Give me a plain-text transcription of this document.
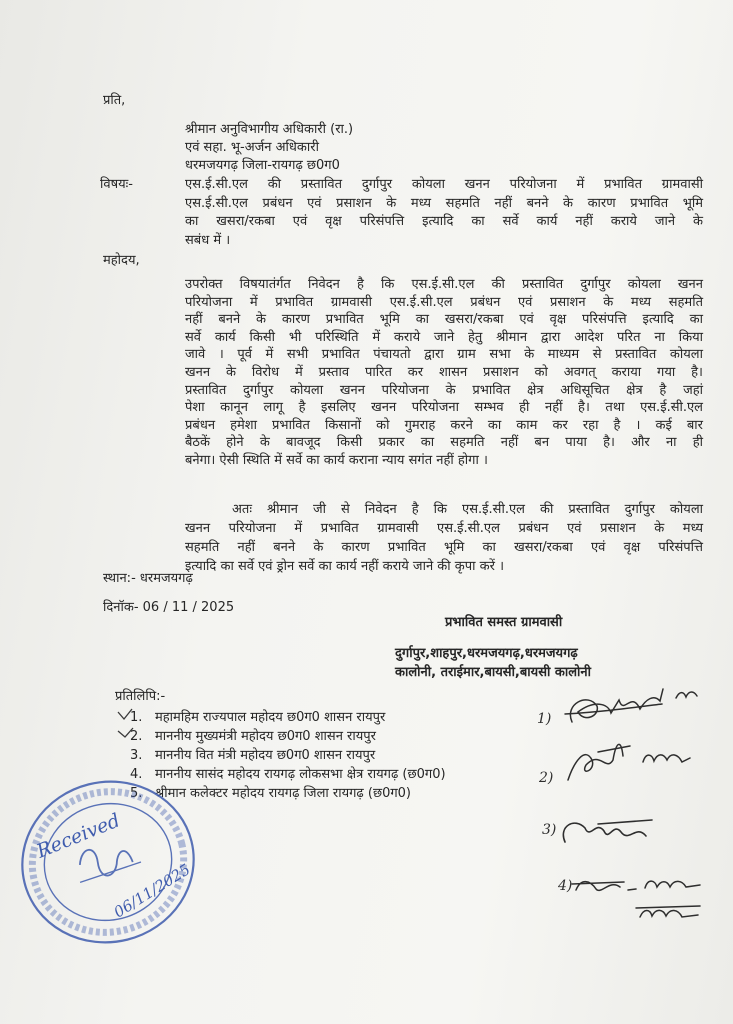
प्रति,
श्रीमान अनुविभागीय अधिकारी (रा.)
एवं सहा. भू-अर्जन अधिकारी
धरमजयगढ़ जिला-रायगढ़ छ0ग0
विषयः-	एस.ई.सी.एल की प्रस्तावित दुर्गापुर कोयला खनन परियोजना में प्रभावित ग्रामवासी
एस.ई.सी.एल प्रबंधन एवं प्रसाशन के मध्य सहमति नहीं बनने के कारण प्रभावित भूमि
का खसरा/रकबा एवं वृक्ष परिसंपत्ति इत्यादि का सर्वे कार्य नहीं कराये जाने के
सबंध में ।
महोदय,
उपरोक्त विषयातंर्गत निवेदन है कि एस.ई.सी.एल की प्रस्तावित दुर्गापुर कोयला खनन
परियोजना में प्रभावित ग्रामवासी एस.ई.सी.एल प्रबंधन एवं प्रसाशन के मध्य सहमति
नहीं बनने के कारण प्रभावित भूमि का खसरा/रकबा एवं वृक्ष परिसंपत्ति इत्यादि का
सर्वे कार्य किसी भी परिस्थिति में कराये जाने हेतु श्रीमान द्वारा आदेश परित ना किया
जावे । पूर्व में सभी प्रभावित पंचायतो द्वारा ग्राम सभा के माध्यम से प्रस्तावित कोयला
खनन के विरोध में प्रस्ताव पारित कर शासन प्रसाशन को अवगत् कराया गया है।
प्रस्तावित दुर्गापुर कोयला खनन परियोजना के प्रभावित क्षेत्र अधिसूचित क्षेत्र है जहां
पेशा कानून लागू है इसलिए खनन परियोजना सम्भव ही नहीं है। तथा एस.ई.सी.एल
प्रबंधन हमेशा प्रभावित किसानों को गुमराह करने का काम कर रहा है । कई बार
बैठकें होने के बावजूद किसी प्रकार का सहमति नहीं बन पाया है। और ना ही
बनेगा। ऐसी स्थिति में सर्वे का कार्य कराना न्याय सगंत नहीं होगा ।
अतः श्रीमान जी से निवेदन है कि एस.ई.सी.एल की प्रस्तावित दुर्गापुर कोयला
खनन परियोजना में प्रभावित ग्रामवासी एस.ई.सी.एल प्रबंधन एवं प्रसाशन के मध्य
सहमति नहीं बनने के कारण प्रभावित भूमि का खसरा/रकबा एवं वृक्ष परिसंपत्ति
इत्यादि का सर्वे एवं ड्रोन सर्वे का कार्य नहीं कराये जाने की कृपा करें ।
स्थान:- धरमजयगढ़
दिनॉक- 06 / 11 / 2025
प्रभावित समस्त ग्रामवासी
दुर्गापुर,शाहपुर,धरमजयगढ़,धरमजयगढ़
कालोनी, तराईमार,बायसी,बायसी कालोनी
प्रतिलिपि:-
1. महामहिम राज्यपाल महोदय छ0ग0 शासन रायपुर
2. माननीय मुख्यमंत्री महोदय छ0ग0 शासन रायपुर
3. माननीय वित मंत्री महोदय छ0ग0 शासन रायपुर
4. माननीय सासंद महोदय रायगढ़ लोकसभा क्षेत्र रायगढ़ (छ0ग0)
5. श्रीमान कलेक्टर महोदय रायगढ़ जिला रायगढ़ (छ0ग0)
1)
2)
3)
4)
Received
06/11/2025
